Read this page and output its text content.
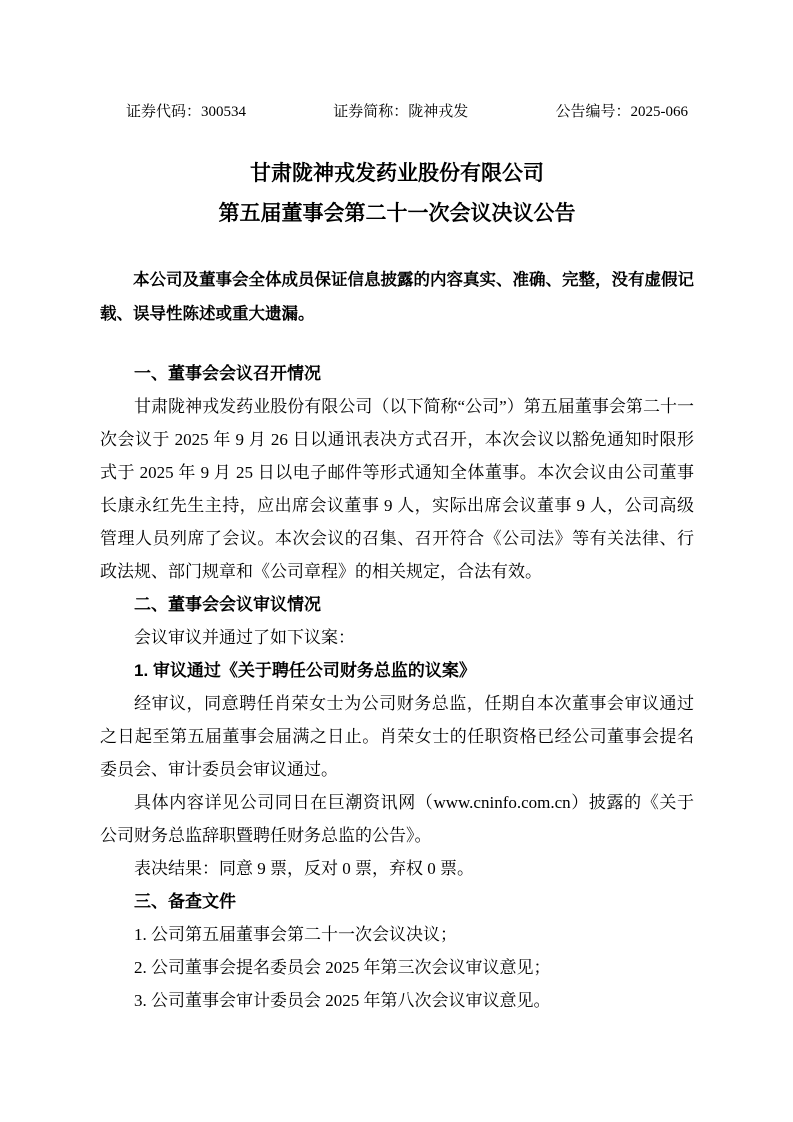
证券代码：300534	证券简称：陇神戎发	公告编号：2025-066
甘肃陇神戎发药业股份有限公司
第五届董事会第二十一次会议决议公告

本公司及董事会全体成员保证信息披露的内容真实、准确、完整，没有虚假记载、误导性陈述或重大遗漏。

一、董事会会议召开情况

甘肃陇神戎发药业股份有限公司（以下简称“公司”）第五届董事会第二十一次会议于 2025 年 9 月 26 日以通讯表决方式召开，本次会议以豁免通知时限形式于 2025 年 9 月 25 日以电子邮件等形式通知全体董事。本次会议由公司董事长康永红先生主持，应出席会议董事 9 人，实际出席会议董事 9 人，公司高级管理人员列席了会议。本次会议的召集、召开符合《公司法》等有关法律、行政法规、部门规章和《公司章程》的相关规定，合法有效。

二、董事会会议审议情况

会议审议并通过了如下议案：

1. 审议通过《关于聘任公司财务总监的议案》

经审议，同意聘任肖荣女士为公司财务总监，任期自本次董事会审议通过之日起至第五届董事会届满之日止。肖荣女士的任职资格已经公司董事会提名委员会、审计委员会审议通过。

具体内容详见公司同日在巨潮资讯网（www.cninfo.com.cn）披露的《关于公司财务总监辞职暨聘任财务总监的公告》。

表决结果：同意 9 票，反对 0 票，弃权 0 票。

三、备查文件

1. 公司第五届董事会第二十一次会议决议；

2. 公司董事会提名委员会 2025 年第三次会议审议意见；

3. 公司董事会审计委员会 2025 年第八次会议审议意见。
